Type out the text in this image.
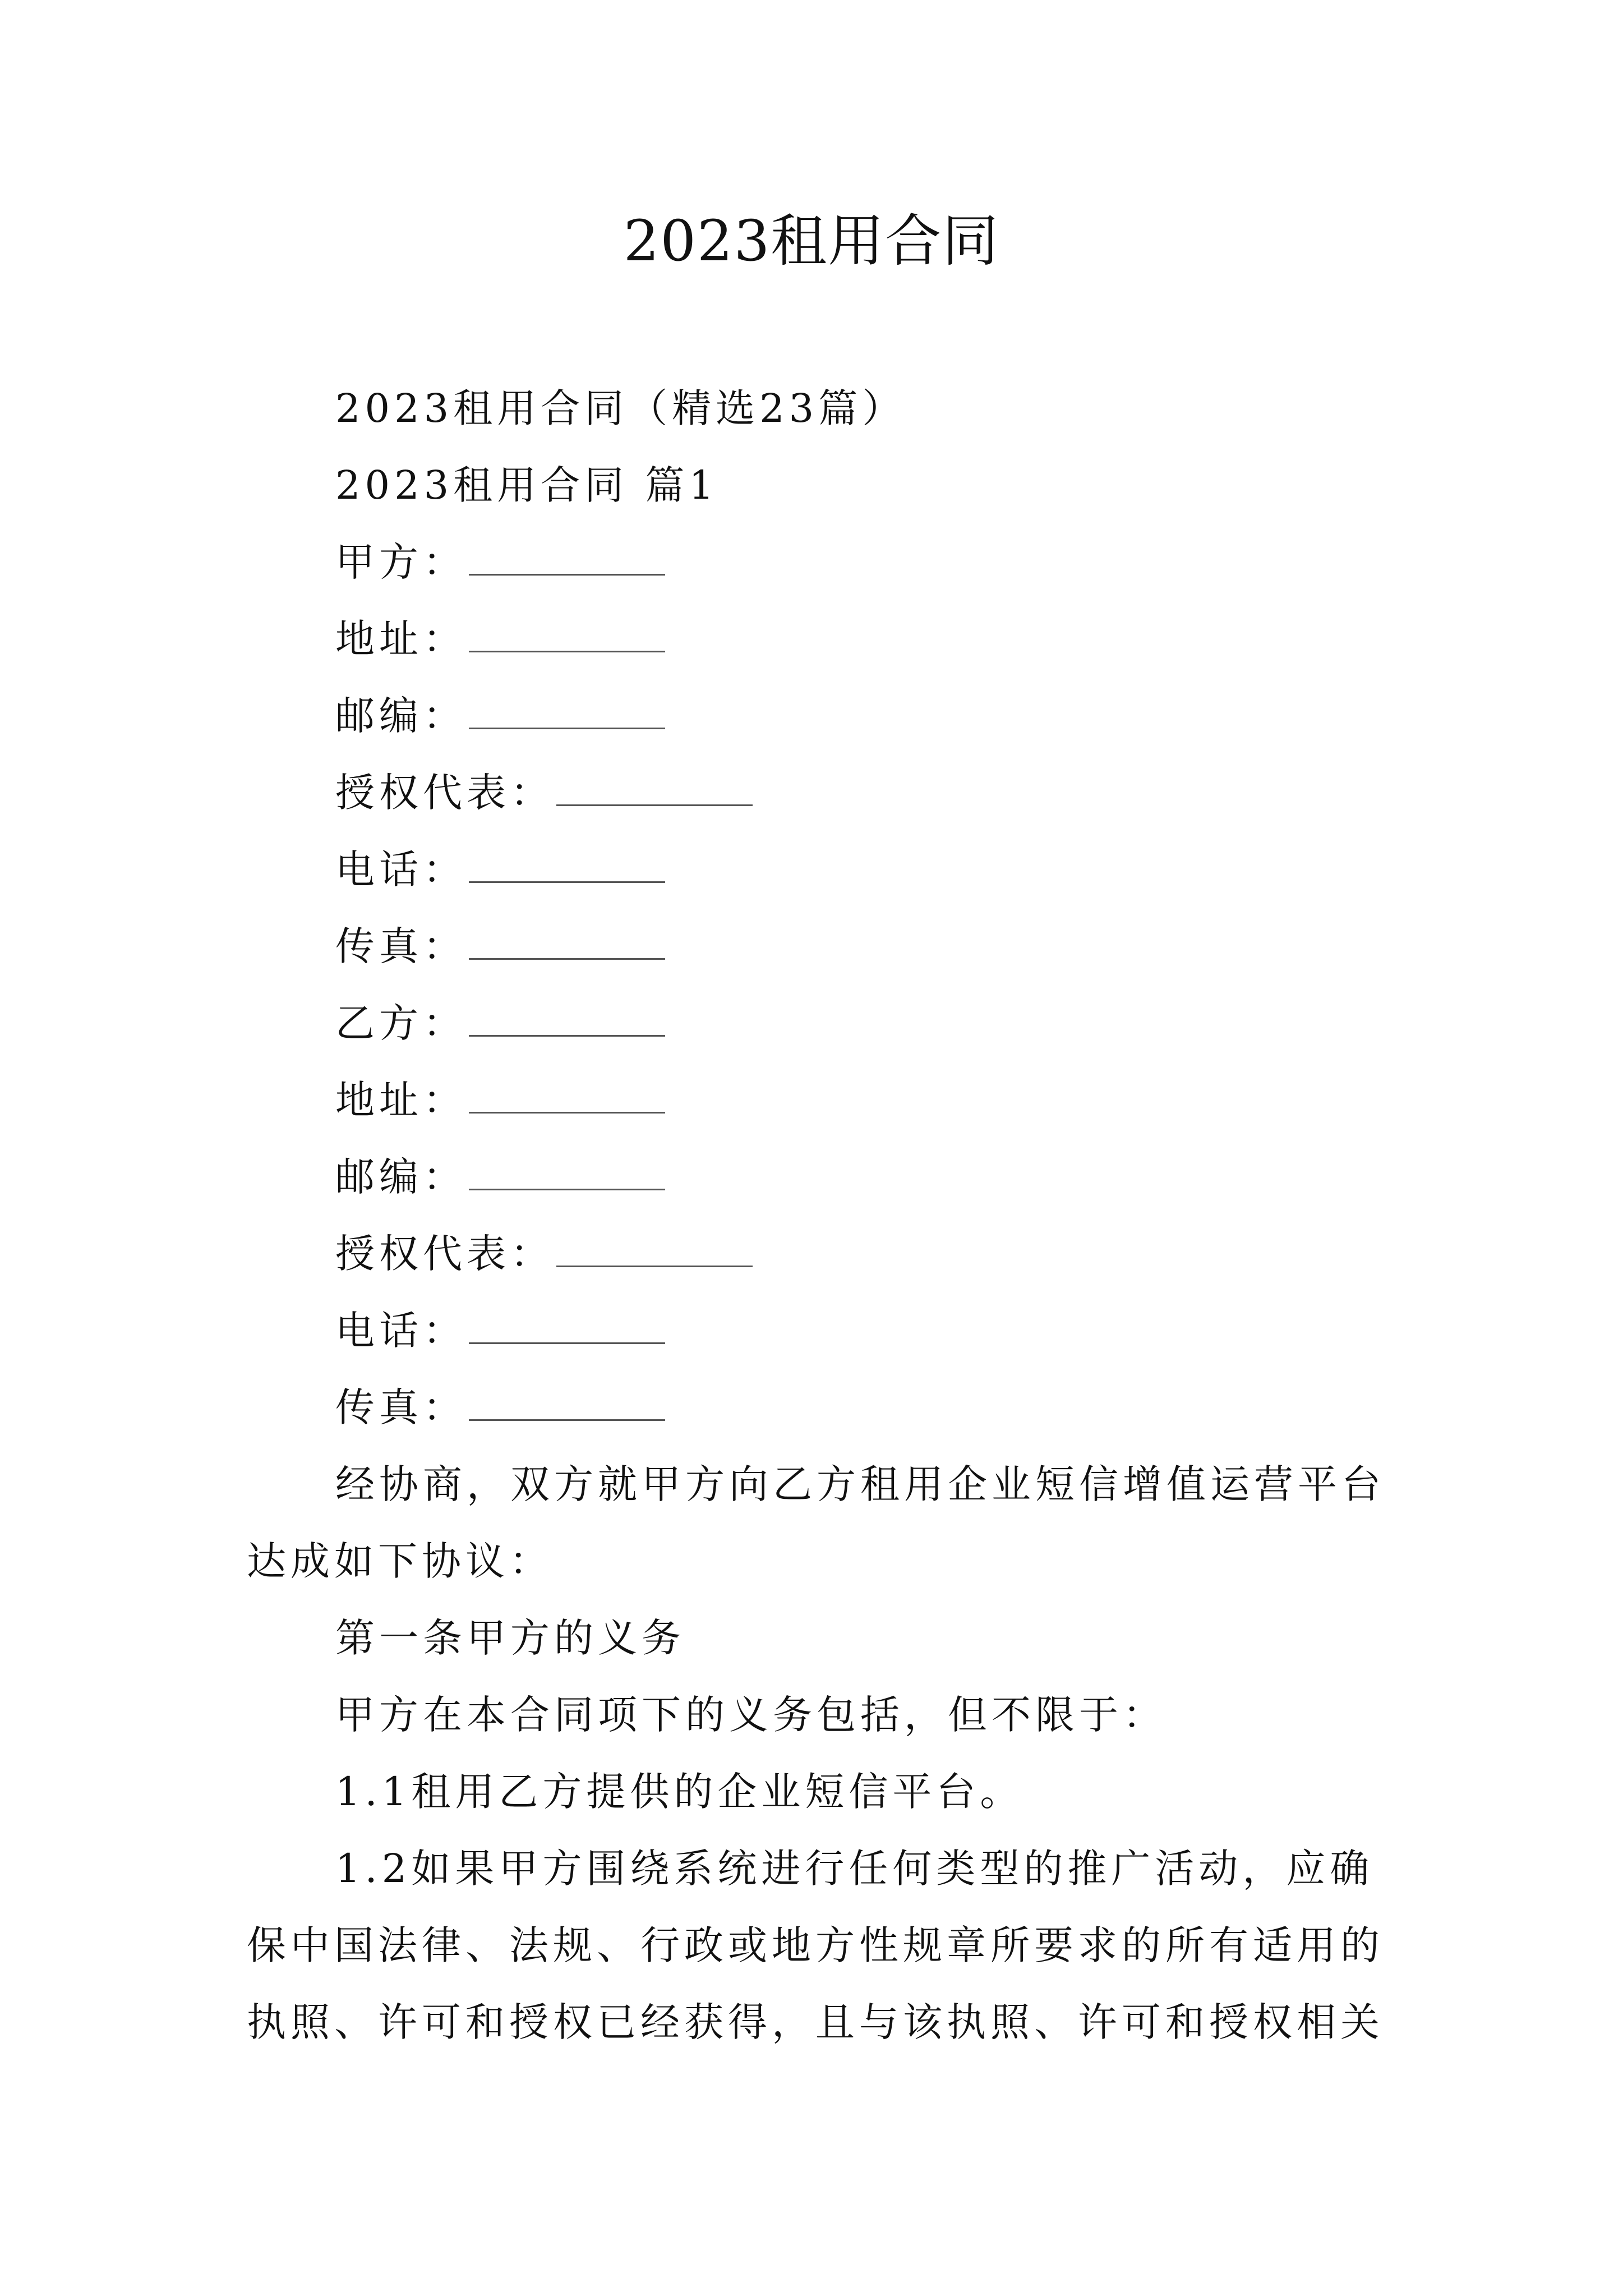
2023租用合同
2023租用合同（精选23篇）
2023租用合同 篇1
甲方：
地址：
邮编：
授权代表：
电话：
传真：
乙方：
地址：
邮编：
授权代表：
电话：
传真：
经协商，双方就甲方向乙方租用企业短信增值运营平台
达成如下协议：
第一条甲方的义务
甲方在本合同项下的义务包括，但不限于：
1.1租用乙方提供的企业短信平台。
1.2如果甲方围绕系统进行任何类型的推广活动，应确
保中国法律、法规、行政或地方性规章所要求的所有适用的
执照、许可和授权已经获得，且与该执照、许可和授权相关
